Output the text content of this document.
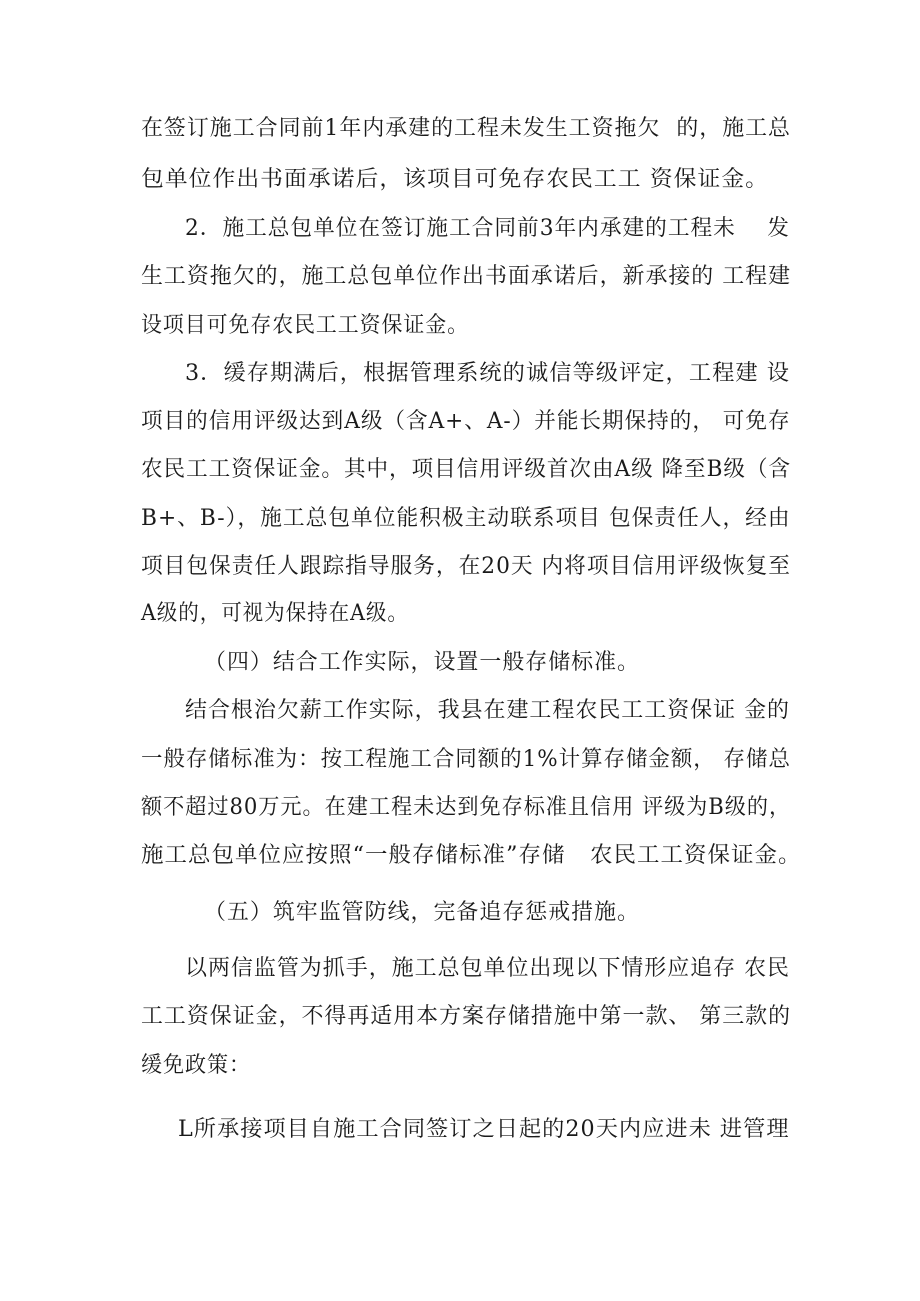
在签订施工合同前1年内承建的工程未发生工资拖欠  的，施工总
包单位作出书面承诺后，该项目可免存农民工工 资保证金。
2．施工总包单位在签订施工合同前3年内承建的工程未    发
生工资拖欠的，施工总包单位作出书面承诺后，新承接的 工程建
设项目可免存农民工工资保证金。
3．缓存期满后，根据管理系统的诚信等级评定，工程建 设
项目的信用评级达到A级（含A+、A-）并能长期保持的， 可免存
农民工工资保证金。其中，项目信用评级首次由A级 降至B级（含
B+、B-），施工总包单位能积极主动联系项目 包保责任人，经由
项目包保责任人跟踪指导服务，在20天 内将项目信用评级恢复至
A级的，可视为保持在A级。
（四）结合工作实际，设置一般存储标准。
结合根治欠薪工作实际，我县在建工程农民工工资保证 金的
一般存储标准为：按工程施工合同额的1%计算存储金额， 存储总
额不超过80万元。在建工程未达到免存标准且信用 评级为B级的，
施工总包单位应按照“一般存储标准”存储   农民工工资保证金。
（五）筑牢监管防线，完备追存惩戒措施。
以两信监管为抓手，施工总包单位出现以下情形应追存 农民
工工资保证金，不得再适用本方案存储措施中第一款、 第三款的
缓免政策：
L所承接项目自施工合同签订之日起的20天内应进未 进管理
